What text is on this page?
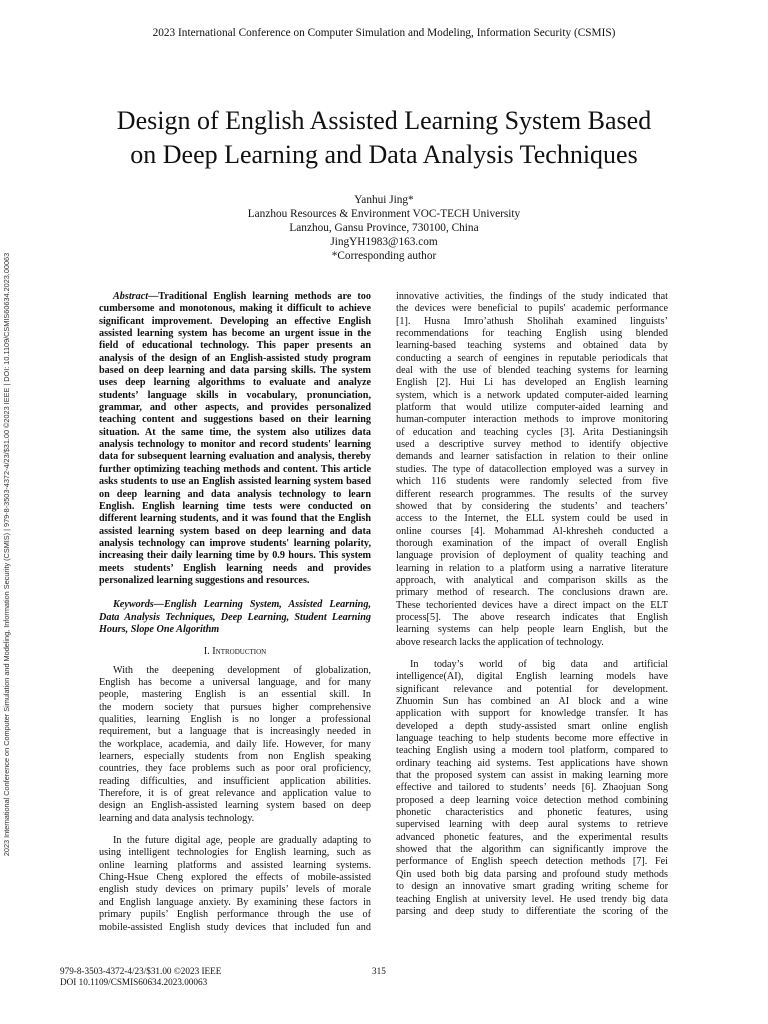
2023 International Conference on Computer Simulation and Modeling, Information Security (CSMIS)
2023 International Conference on Computer Simulation and Modeling, Information Security (CSMIS) | 979-8-3503-4372-4/23/$31.00 ©2023 IEEE | DOI: 10.1109/CSMIS60634.2023.00063
Design of English Assisted Learning System Based
on Deep Learning and Data Analysis Techniques
Yanhui Jing*
Lanzhou Resources & Environment VOC-TECH University
Lanzhou, Gansu Province, 730100, China
JingYH1983@163.com
*Corresponding author
Abstract—Traditional English learning methods are too
cumbersome and monotonous, making it difficult to achieve
significant improvement. Developing an effective English
assisted learning system has become an urgent issue in the
field of educational technology. This paper presents an
analysis of the design of an English-assisted study program
based on deep learning and data parsing skills. The system
uses deep learning algorithms to evaluate and analyze
students’ language skills in vocabulary, pronunciation,
grammar, and other aspects, and provides personalized
teaching content and suggestions based on their learning
situation. At the same time, the system also utilizes data
analysis technology to monitor and record students' learning
data for subsequent learning evaluation and analysis, thereby
further optimizing teaching methods and content. This article
asks students to use an English assisted learning system based
on deep learning and data analysis technology to learn
English. English learning time tests were conducted on
different learning students, and it was found that the English
assisted learning system based on deep learning and data
analysis technology can improve students' learning polarity,
increasing their daily learning time by 0.9 hours. This system
meets students’ English learning needs and provides
personalized learning suggestions and resources.
Keywords—English Learning System, Assisted Learning,
Data Analysis Techniques, Deep Learning, Student Learning
Hours, Slope One Algorithm
I. Introduction
With the deepening development of globalization,
English has become a universal language, and for many
people, mastering English is an essential skill. In
the modern society that pursues higher comprehensive
qualities, learning English is no longer a professional
requirement, but a language that is increasingly needed in
the workplace, academia, and daily life. However, for many
learners, especially students from non English speaking
countries, they face problems such as poor oral proficiency,
reading difficulties, and insufficient application abilities.
Therefore, it is of great relevance and application value to
design an English-assisted learning system based on deep
learning and data analysis technology.
In the future digital age, people are gradually adapting to
using intelligent technologies for English learning, such as
online learning platforms and assisted learning systems.
Ching-Hsue Cheng explored the effects of mobile-assisted
english study devices on primary pupils’ levels of morale
and English language anxiety. By examining these factors in
primary pupils’ English performance through the use of
mobile-assisted English study devices that included fun and
innovative activities, the findings of the study indicated that
the devices were beneficial to pupils' academic performance
[1]. Husna Imro’athush Sholihah examined linguists’
recommendations for teaching English using blended
learning-based teaching systems and obtained data by
conducting a search of eengines in reputable periodicals that
deal with the use of blended teaching systems for learning
English [2]. Hui Li has developed an English learning
system, which is a network updated computer-aided learning
platform that would utilize computer-aided learning and
human-computer interaction methods to improve monitoring
of education and teaching cycles [3]. Arita Destianingsih
used a descriptive survey method to identify objective
demands and learner satisfaction in relation to their online
studies. The type of datacollection employed was a survey in
which 116 students were randomly selected from five
different research programmes. The results of the survey
showed that by considering the students’ and teachers’
access to the Internet, the ELL system could be used in
online courses [4]. Mohammad Al-khresheh conducted a
thorough examination of the impact of overall English
language provision of deployment of quality teaching and
learning in relation to a platform using a narrative literature
approach, with analytical and comparison skills as the
primary method of research. The conclusions drawn are.
These techoriented devices have a direct impact on the ELT
process[5]. The above research indicates that English
learning systems can help people learn English, but the
above research lacks the application of technology.
In today’s world of big data and artificial
intelligence(AI), digital English learning models have
significant relevance and potential for development.
Zhuomin Sun has combined an AI block and a wine
application with support for knowledge transfer. It has
developed a depth study-assisted smart online english
language teaching to help students become more effective in
teaching English using a modern tool platform, compared to
ordinary teaching aid systems. Test applications have shown
that the proposed system can assist in making learning more
effective and tailored to students’ needs [6]. Zhaojuan Song
proposed a deep learning voice detection method combining
phonetic characteristics and phonetic features, using
supervised learning with deep aural systems to retrieve
advanced phonetic features, and the experimental results
showed that the algorithm can significantly improve the
performance of English speech detection methods [7]. Fei
Qin used both big data parsing and profound study methods
to design an innovative smart grading writing scheme for
teaching English at university level. He used trendy big data
parsing and deep study to differentiate the scoring of the
979-8-3503-4372-4/23/$31.00 ©2023 IEEE
DOI 10.1109/CSMIS60634.2023.00063
315
